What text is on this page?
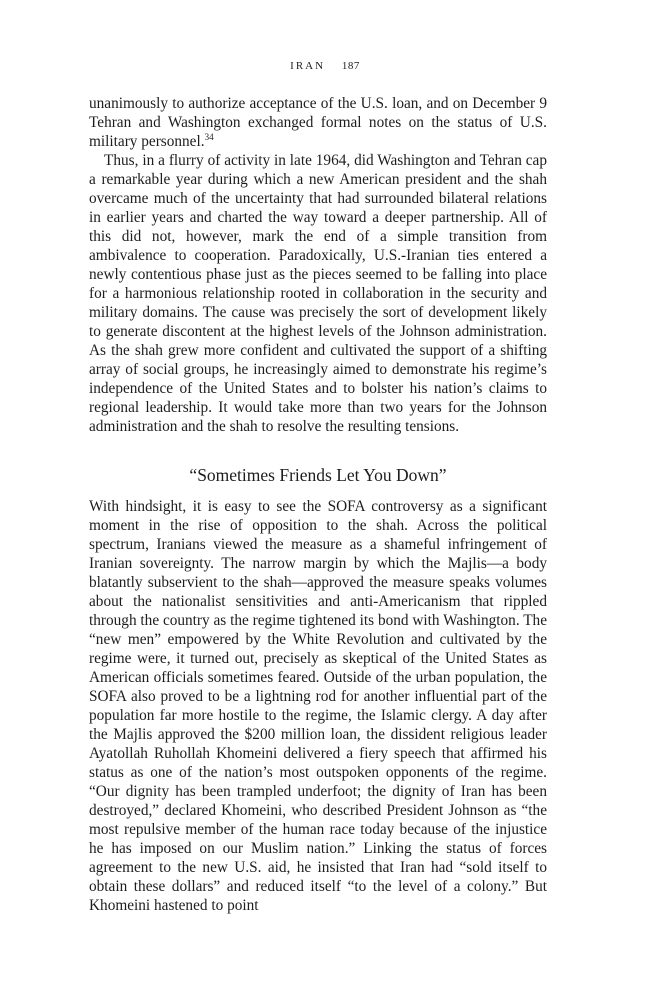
IRAN 187

unanimously to authorize acceptance of the U.S. loan, and on December 9 Tehran and Washington exchanged formal notes on the status of U.S. military personnel.$^{34}$

Thus, in a flurry of activity in late 1964, did Washington and Tehran cap a remarkable year during which a new American president and the shah overcame much of the uncertainty that had surrounded bilateral relations in earlier years and charted the way toward a deeper partnership. All of this did not, however, mark the end of a simple transition from ambivalence to cooperation. Paradoxically, U.S.-Iranian ties entered a newly contentious phase just as the pieces seemed to be falling into place for a harmonious relationship rooted in collaboration in the security and military domains. The cause was precisely the sort of development likely to generate discontent at the highest levels of the Johnson administration. As the shah grew more confident and cultivated the support of a shifting array of social groups, he increasingly aimed to demonstrate his regime’s independence of the United States and to bolster his nation’s claims to regional leadership. It would take more than two years for the Johnson administration and the shah to resolve the resulting tensions.

“Sometimes Friends Let You Down”

With hindsight, it is easy to see the SOFA controversy as a significant moment in the rise of opposition to the shah. Across the political spectrum, Iranians viewed the measure as a shameful infringement of Iranian sovereignty. The narrow margin by which the Majlis—a body blatantly subservient to the shah—approved the measure speaks volumes about the nationalist sensitivities and anti-Americanism that rippled through the country as the regime tightened its bond with Washington. The “new men” empowered by the White Revolution and cultivated by the regime were, it turned out, precisely as skeptical of the United States as American officials sometimes feared. Outside of the urban population, the SOFA also proved to be a lightning rod for another influential part of the population far more hostile to the regime, the Islamic clergy. A day after the Majlis approved the $200 million loan, the dissident religious leader Ayatollah Ruhollah Khomeini delivered a fiery speech that affirmed his status as one of the nation’s most outspoken opponents of the regime. “Our dignity has been trampled underfoot; the dignity of Iran has been destroyed,” declared Khomeini, who described President Johnson as “the most repulsive member of the human race today because of the injustice he has imposed on our Muslim nation.” Linking the status of forces agreement to the new U.S. aid, he insisted that Iran had “sold itself to obtain these dollars” and reduced itself “to the level of a colony.” But Khomeini hastened to point
